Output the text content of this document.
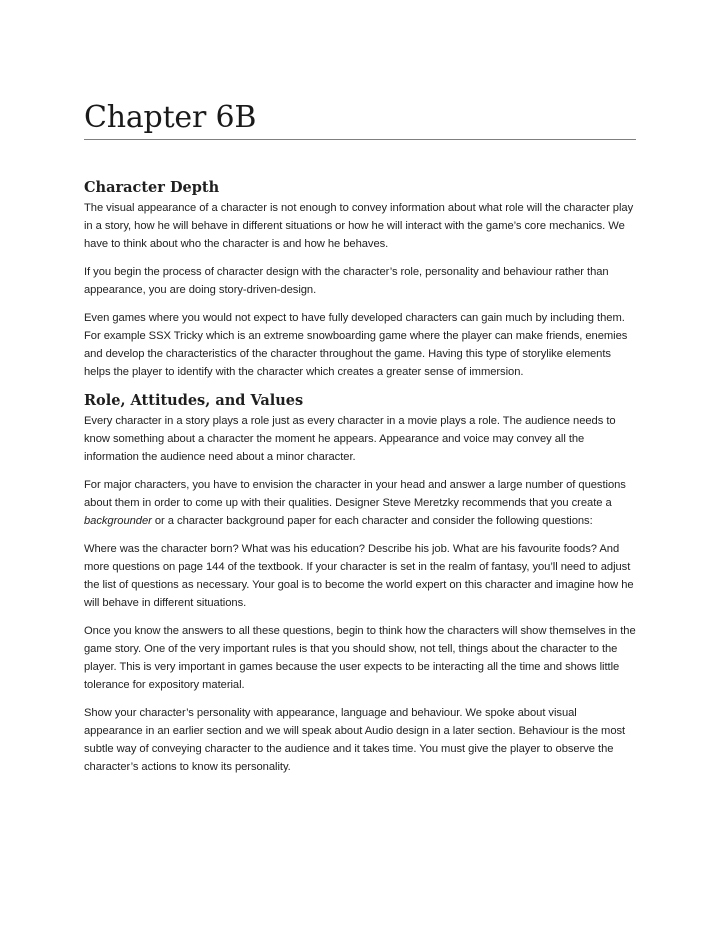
Chapter 6B
Character Depth

The visual appearance of a character is not enough to convey information about what role will the character play in a story, how he will behave in different situations or how he will interact with the game’s core mechanics. We have to think about who the character is and how he behaves.

If you begin the process of character design with the character’s role, personality and behaviour rather than appearance, you are doing story-driven-design.

Even games where you would not expect to have fully developed characters can gain much by including them. For example SSX Tricky which is an extreme snowboarding game where the player can make friends, enemies and develop the characteristics of the character throughout the game. Having this type of storylike elements helps the player to identify with the character which creates a greater sense of immersion.

Role, Attitudes, and Values

Every character in a story plays a role just as every character in a movie plays a role. The audience needs to know something about a character the moment he appears. Appearance and voice may convey all the information the audience need about a minor character.

For major characters, you have to envision the character in your head and answer a large number of questions about them in order to come up with their qualities. Designer Steve Meretzky recommends that you create a backgrounder or a character background paper for each character and consider the following questions:

Where was the character born? What was his education? Describe his job. What are his favourite foods? And more questions on page 144 of the textbook. If your character is set in the realm of fantasy, you’ll need to adjust the list of questions as necessary. Your goal is to become the world expert on this character and imagine how he will behave in different situations.

Once you know the answers to all these questions, begin to think how the characters will show themselves in the game story. One of the very important rules is that you should show, not tell, things about the character to the player. This is very important in games because the user expects to be interacting all the time and shows little tolerance for expository material.

Show your character’s personality with appearance, language and behaviour. We spoke about visual appearance in an earlier section and we will speak about Audio design in a later section. Behaviour is the most subtle way of conveying character to the audience and it takes time. You must give the player to observe the character’s actions to know its personality.
